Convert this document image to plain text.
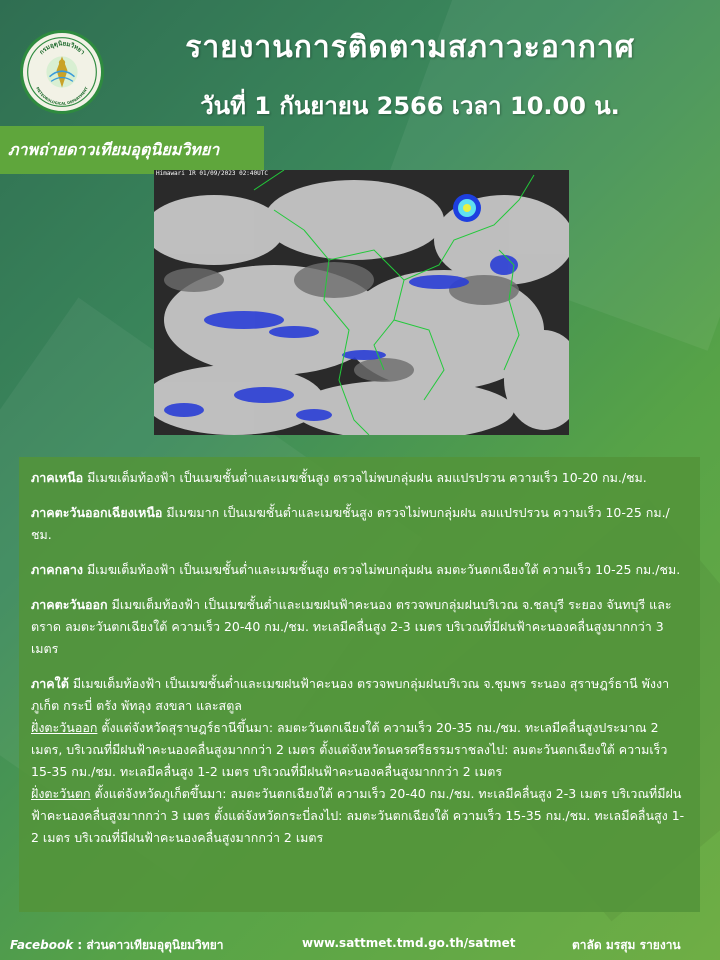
กรมอุตุนิยมวิทยา
METEOROLOGICAL DEPARTMENT
รายงานการติดตามสภาวะอากาศ
วันที่ 1 กันยายน 2566 เวลา 10.00 น.
ภาพถ่ายดาวเทียมอุตุนิยมวิทยา
Himawari IR 01/09/2023 02:40UTC
ภาคเหนือ มีเมฆเต็มท้องฟ้า เป็นเมฆชั้นต่ำและเมฆชั้นสูง ตรวจไม่พบกลุ่มฝน ลมแปรปรวน ความเร็ว 10-20 กม./ชม.
ภาคตะวันออกเฉียงเหนือ มีเมฆมาก เป็นเมฆชั้นต่ำและเมฆชั้นสูง ตรวจไม่พบกลุ่มฝน ลมแปรปรวน ความเร็ว 10-25 กม./ชม.
ภาคกลาง มีเมฆเต็มท้องฟ้า เป็นเมฆชั้นต่ำและเมฆชั้นสูง ตรวจไม่พบกลุ่มฝน ลมตะวันตกเฉียงใต้ ความเร็ว 10-25 กม./ชม.
ภาคตะวันออก มีเมฆเต็มท้องฟ้า เป็นเมฆชั้นต่ำและเมฆฝนฟ้าคะนอง ตรวจพบกลุ่มฝนบริเวณ จ.ชลบุรี ระยอง จันทบุรี และตราด ลมตะวันตกเฉียงใต้ ความเร็ว 20-40 กม./ชม. ทะเลมีคลื่นสูง 2-3 เมตร บริเวณที่มีฝนฟ้าคะนองคลื่นสูงมากกว่า 3 เมตร
ภาคใต้ มีเมฆเต็มท้องฟ้า เป็นเมฆชั้นต่ำและเมฆฝนฟ้าคะนอง ตรวจพบกลุ่มฝนบริเวณ จ.ชุมพร ระนอง สุราษฎร์ธานี พังงา ภูเก็ต กระบี่ ตรัง พัทลุง สงขลา และสตูล
ฝั่งตะวันออก ตั้งแต่จังหวัดสุราษฎร์ธานีขึ้นมา: ลมตะวันตกเฉียงใต้ ความเร็ว 20-35 กม./ชม. ทะเลมีคลื่นสูงประมาณ 2 เมตร, บริเวณที่มีฝนฟ้าคะนองคลื่นสูงมากกว่า 2 เมตร ตั้งแต่จังหวัดนครศรีธรรมราชลงไป: ลมตะวันตกเฉียงใต้ ความเร็ว 15-35 กม./ชม. ทะเลมีคลื่นสูง 1-2 เมตร บริเวณที่มีฝนฟ้าคะนองคลื่นสูงมากกว่า 2 เมตร
ฝั่งตะวันตก ตั้งแต่จังหวัดภูเก็ตขึ้นมา: ลมตะวันตกเฉียงใต้ ความเร็ว 20-40 กม./ชม. ทะเลมีคลื่นสูง 2-3 เมตร บริเวณที่มีฝนฟ้าคะนองคลื่นสูงมากกว่า 3 เมตร ตั้งแต่จังหวัดกระบี่ลงไป: ลมตะวันตกเฉียงใต้ ความเร็ว 15-35 กม./ชม. ทะเลมีคลื่นสูง 1-2 เมตร บริเวณที่มีฝนฟ้าคะนองคลื่นสูงมากกว่า 2 เมตร
Facebook : ส่วนดาวเทียมอุตุนิยมวิทยา	www.sattmet.tmd.go.th/satmet	ตาลัด มรสุม รายงาน
